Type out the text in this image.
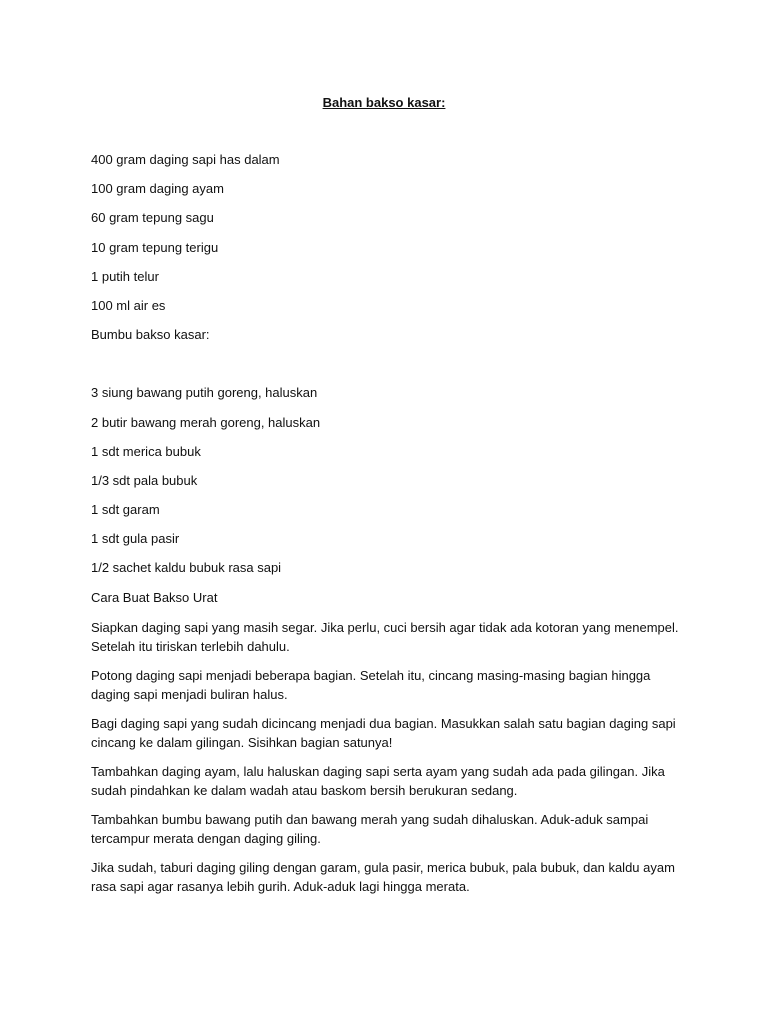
Bahan bakso kasar:
400 gram daging sapi has dalam
100 gram daging ayam
60 gram tepung sagu
10 gram tepung terigu
1 putih telur
100 ml air es
Bumbu bakso kasar:
3 siung bawang putih goreng, haluskan
2 butir bawang merah goreng, haluskan
1 sdt merica bubuk
1/3 sdt pala bubuk
1 sdt garam
1 sdt gula pasir
1/2 sachet kaldu bubuk rasa sapi
Cara Buat Bakso Urat
Siapkan daging sapi yang masih segar. Jika perlu, cuci bersih agar tidak ada kotoran yang menempel. Setelah itu tiriskan terlebih dahulu.
Potong daging sapi menjadi beberapa bagian. Setelah itu, cincang masing-masing bagian hingga daging sapi menjadi buliran halus.
Bagi daging sapi yang sudah dicincang menjadi dua bagian. Masukkan salah satu bagian daging sapi cincang ke dalam gilingan. Sisihkan bagian satunya!
Tambahkan daging ayam, lalu haluskan daging sapi serta ayam yang sudah ada pada gilingan. Jika sudah pindahkan ke dalam wadah atau baskom bersih berukuran sedang.
Tambahkan bumbu bawang putih dan bawang merah yang sudah dihaluskan. Aduk-aduk sampai tercampur merata dengan daging giling.
Jika sudah, taburi daging giling dengan garam, gula pasir, merica bubuk, pala bubuk, dan kaldu ayam rasa sapi agar rasanya lebih gurih. Aduk-aduk lagi hingga merata.
